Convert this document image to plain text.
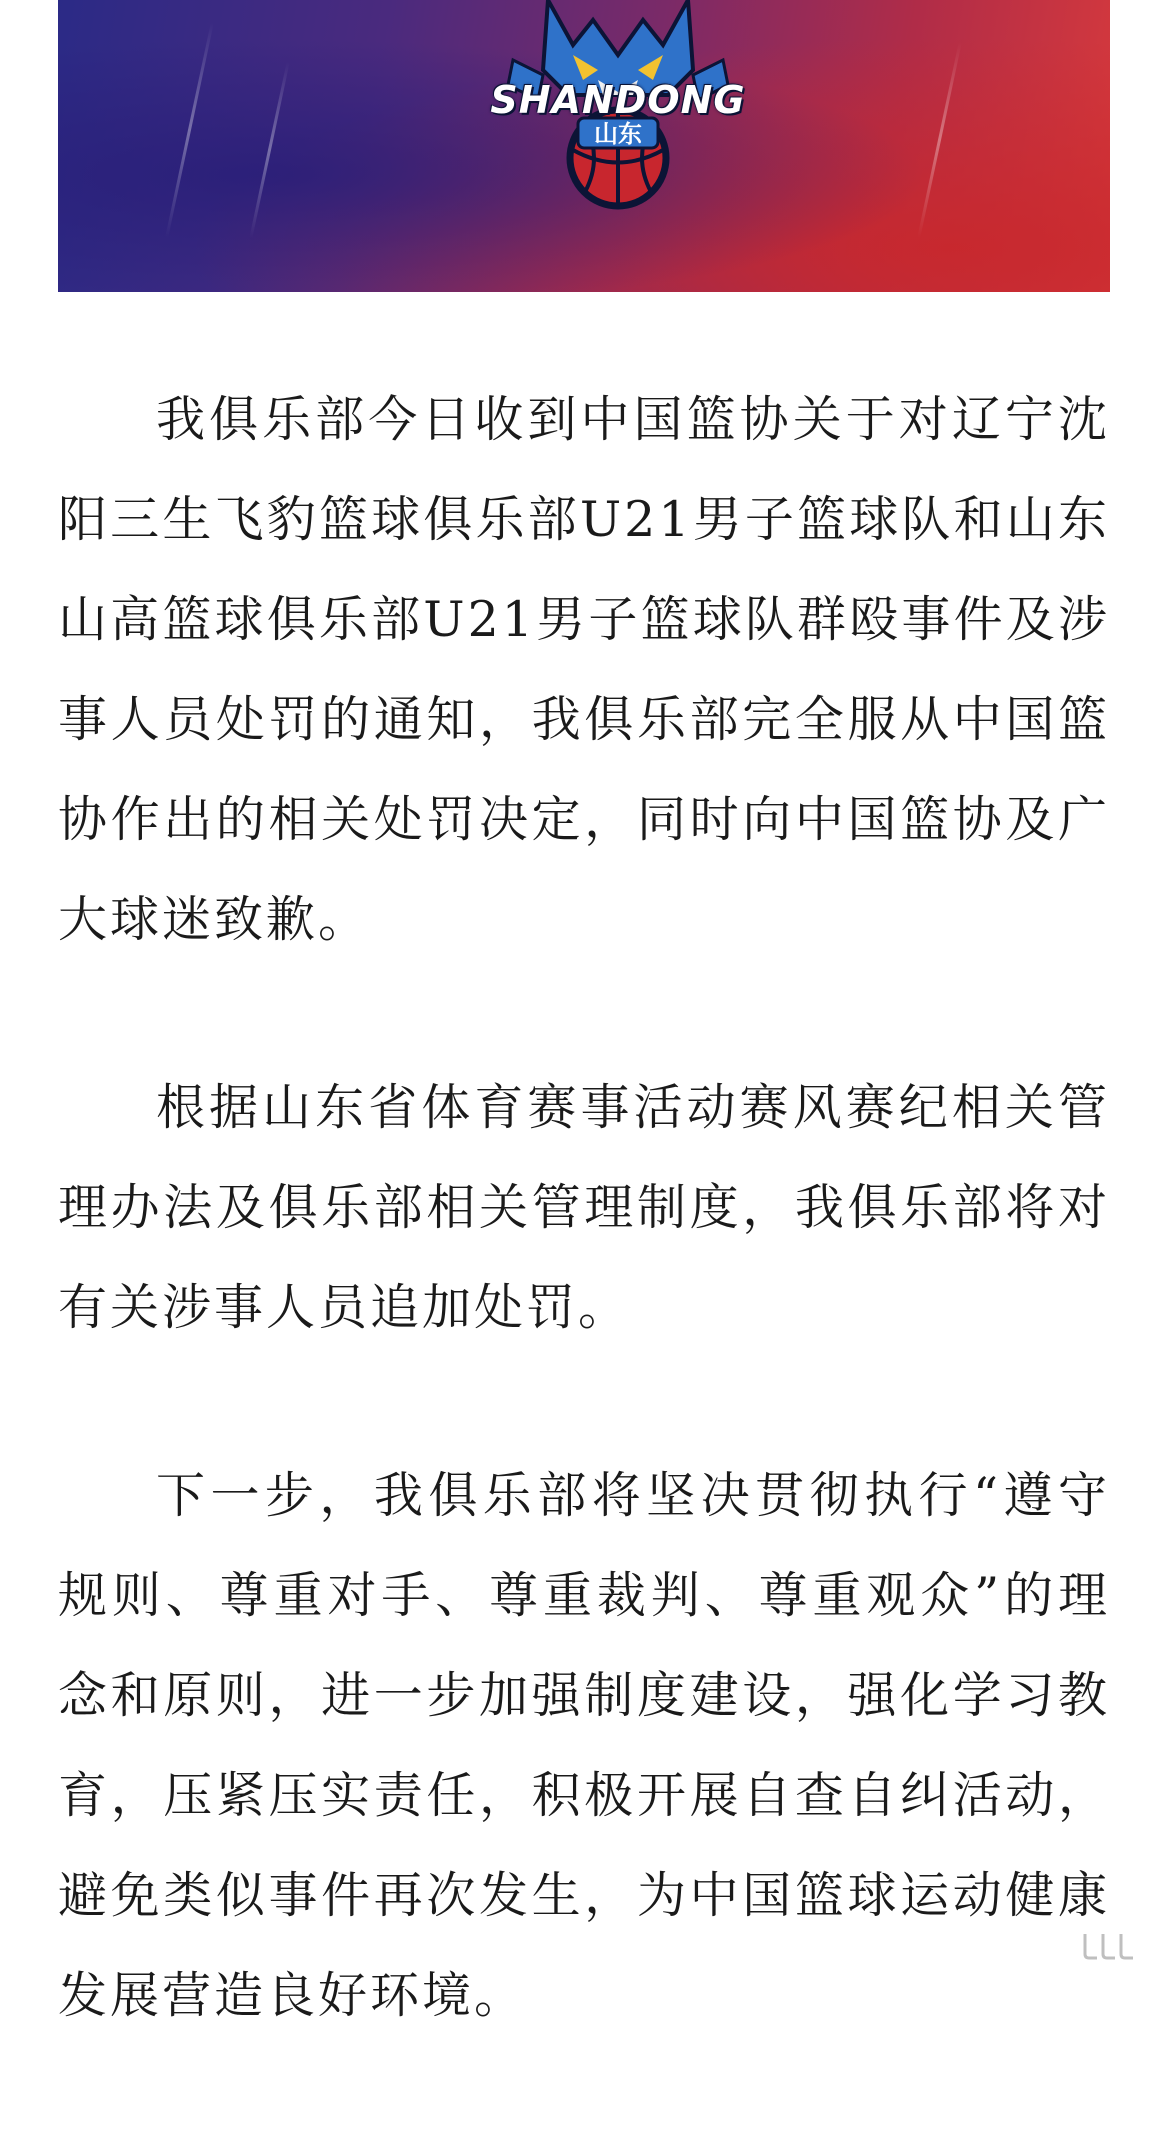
山东
SHANDONG

我俱乐部今日收到中国篮协关于对辽宁沈阳三生飞豹篮球俱乐部U21男子篮球队和山东山高篮球俱乐部U21男子篮球队群殴事件及涉事人员处罚的通知，我俱乐部完全服从中国篮协作出的相关处罚决定，同时向中国篮协及广大球迷致歉。

根据山东省体育赛事活动赛风赛纪相关管理办法及俱乐部相关管理制度，我俱乐部将对有关涉事人员追加处罚。

下一步，我俱乐部将坚决贯彻执行“遵守规则、尊重对手、尊重裁判、尊重观众”的理念和原则，进一步加强制度建设，强化学习教育，压紧压实责任，积极开展自查自纠活动，避免类似事件再次发生，为中国篮球运动健康发展营造良好环境。
